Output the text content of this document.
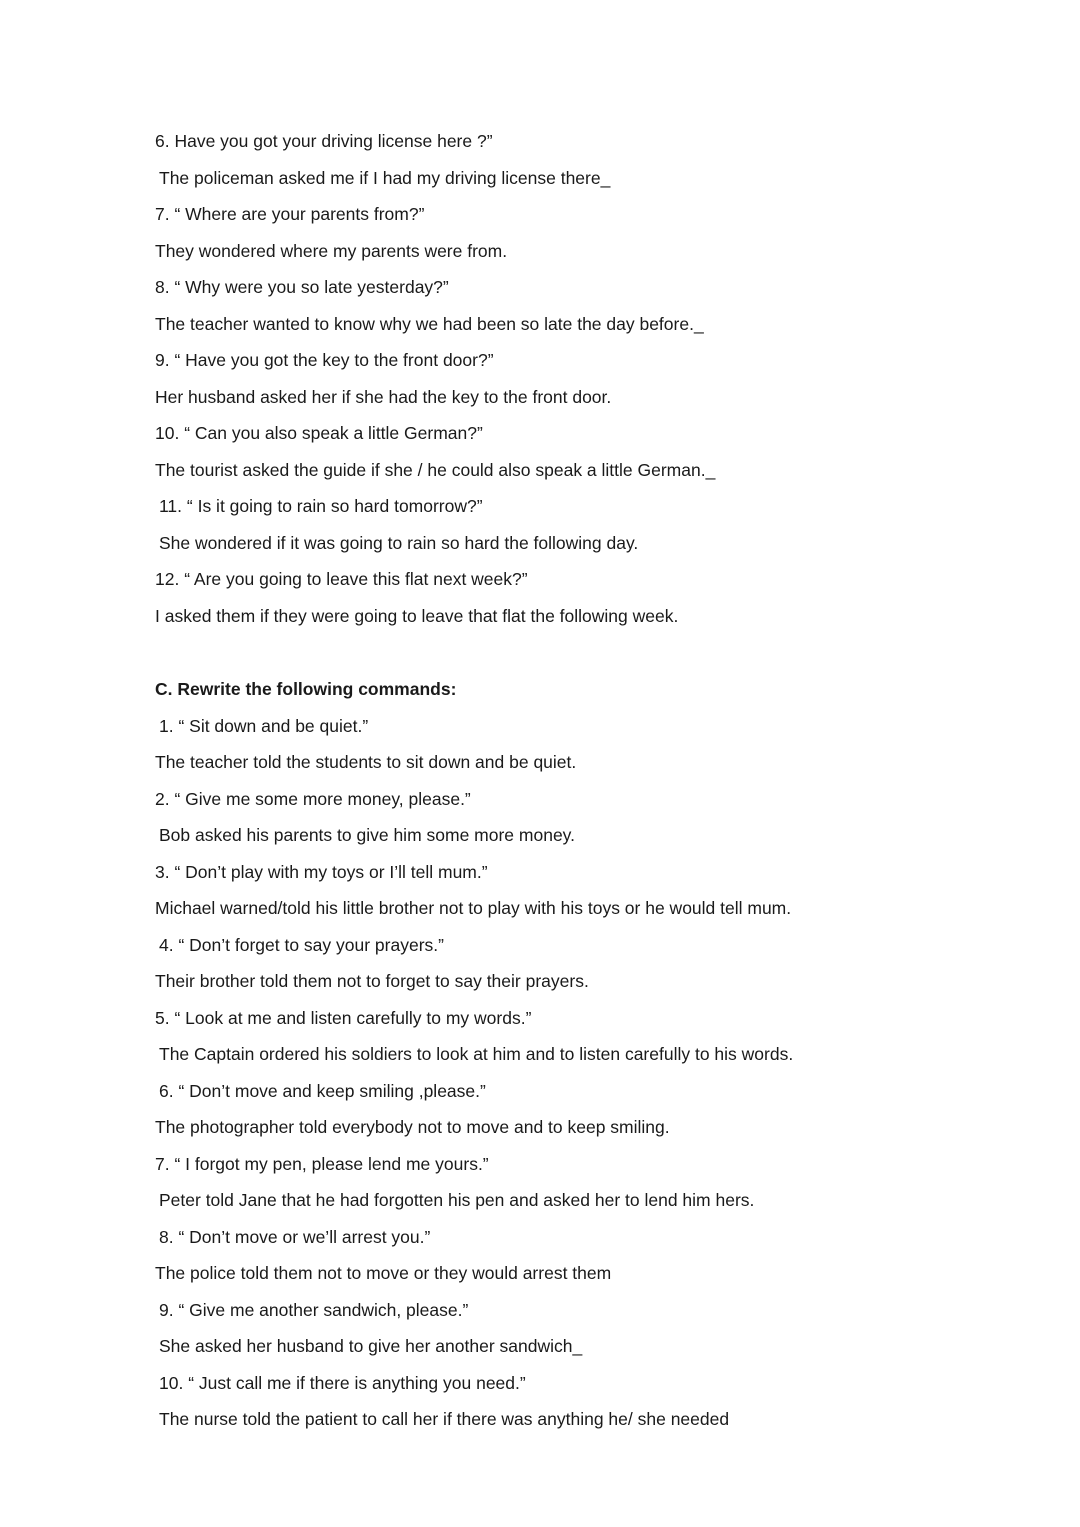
6. Have you got your driving license here ?”
The policeman asked me if I had my driving license there_
7. “ Where are your parents from?”
They wondered where my parents were from.
8. “ Why were you so late yesterday?”
The teacher wanted to know why we had been so late the day before._
9. “ Have you got the key to the front door?”
Her husband asked her if she had the key to the front door.
10. “ Can you also speak a little German?”
The tourist asked the guide if she / he could also speak a little German._
11. “ Is it going to rain so hard tomorrow?”
She wondered if it was going to rain so hard the following day.
12. “ Are you going to leave this flat next week?”
I asked them if they were going to leave that flat the following week.
C. Rewrite the following commands:
1. “ Sit down and be quiet.”
The teacher told the students to sit down and be quiet.
2. “ Give me some more money, please.”
Bob asked his parents to give him some more money.
3. “ Don’t play with my toys or I’ll tell mum.”
Michael warned/told his little brother not to play with his toys or he would tell mum.
4. “ Don’t forget to say your prayers.”
Their brother told them not to forget to say their prayers.
5. “ Look at me and listen carefully to my words.”
The Captain ordered his soldiers to look at him and to listen carefully to his words.
6. “ Don’t move and keep smiling ,please.”
The photographer told everybody not to move and to keep smiling.
7. “ I forgot my pen, please lend me yours.”
Peter told Jane that he had forgotten his pen and asked her to lend him hers.
8. “ Don’t move or we’ll arrest you.”
The police told them not to move or they would arrest them
9. “ Give me another sandwich, please.”
She asked her husband to give her another sandwich_
10. “ Just call me if there is anything you need.”
The nurse told the patient to call her if there was anything he/ she needed
